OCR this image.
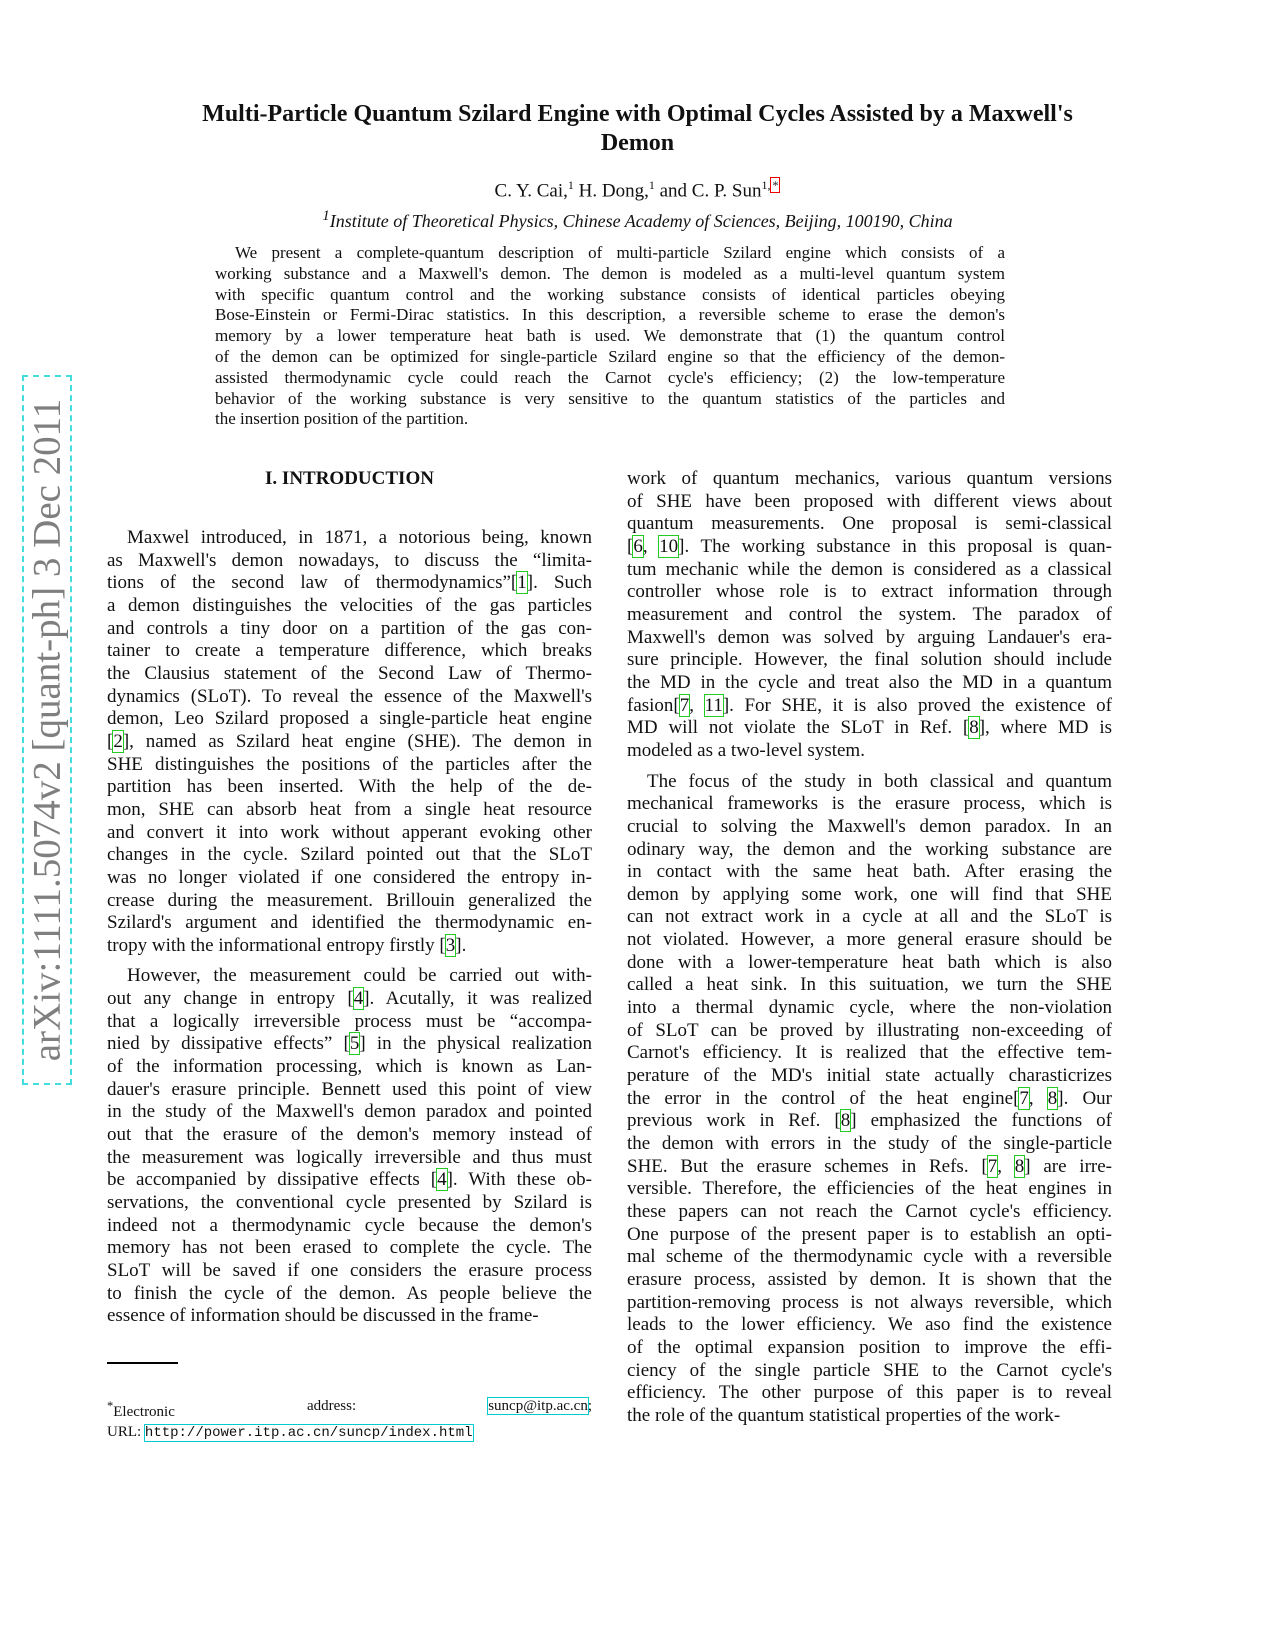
arXiv:1111.5074v2 [quant-ph] 3 Dec 2011
Multi-Particle Quantum Szilard Engine with Optimal Cycles Assisted by a Maxwell's
Demon
C. Y. Cai,$^1$ H. Dong,$^1$ and C. P. Sun$^{1,}$ *
$^1$Institute of Theoretical Physics, Chinese Academy of Sciences, Beijing, 100190, China
We present a complete-quantum description of multi-particle Szilard engine which consists of a
working substance and a Maxwell's demon. The demon is modeled as a multi-level quantum system
with specific quantum control and the working substance consists of identical particles obeying
Bose-Einstein or Fermi-Dirac statistics. In this description, a reversible scheme to erase the demon's
memory by a lower temperature heat bath is used. We demonstrate that (1) the quantum control
of the demon can be optimized for single-particle Szilard engine so that the efficiency of the demon-
assisted thermodynamic cycle could reach the Carnot cycle's efficiency; (2) the low-temperature
behavior of the working substance is very sensitive to the quantum statistics of the particles and
the insertion position of the partition.
I. INTRODUCTION
Maxwel introduced, in 1871, a notorious being, known
as Maxwell's demon nowadays, to discuss the “limita-
tions of the second law of thermodynamics”[1]. Such
a demon distinguishes the velocities of the gas particles
and controls a tiny door on a partition of the gas con-
tainer to create a temperature difference, which breaks
the Clausius statement of the Second Law of Thermo-
dynamics (SLoT). To reveal the essence of the Maxwell's
demon, Leo Szilard proposed a single-particle heat engine
[2], named as Szilard heat engine (SHE). The demon in
SHE distinguishes the positions of the particles after the
partition has been inserted. With the help of the de-
mon, SHE can absorb heat from a single heat resource
and convert it into work without apperant evoking other
changes in the cycle. Szilard pointed out that the SLoT
was no longer violated if one considered the entropy in-
crease during the measurement. Brillouin generalized the
Szilard's argument and identified the thermodynamic en-
tropy with the informational entropy firstly [3].
However, the measurement could be carried out with-
out any change in entropy [4]. Acutally, it was realized
that a logically irreversible process must be “accompa-
nied by dissipative effects” [5] in the physical realization
of the information processing, which is known as Lan-
dauer's erasure principle. Bennett used this point of view
in the study of the Maxwell's demon paradox and pointed
out that the erasure of the demon's memory instead of
the measurement was logically irreversible and thus must
be accompanied by dissipative effects [4]. With these ob-
servations, the conventional cycle presented by Szilard is
indeed not a thermodynamic cycle because the demon's
memory has not been erased to complete the cycle. The
SLoT will be saved if one considers the erasure process
to finish the cycle of the demon. As people believe the
essence of information should be discussed in the frame-
work of quantum mechanics, various quantum versions
of SHE have been proposed with different views about
quantum measurements. One proposal is semi-classical
[6, 10]. The working substance in this proposal is quan-
tum mechanic while the demon is considered as a classical
controller whose role is to extract information through
measurement and control the system. The paradox of
Maxwell's demon was solved by arguing Landauer's era-
sure principle. However, the final solution should include
the MD in the cycle and treat also the MD in a quantum
fasion[7, 11]. For SHE, it is also proved the existence of
MD will not violate the SLoT in Ref. [8], where MD is
modeled as a two-level system.
The focus of the study in both classical and quantum
mechanical frameworks is the erasure process, which is
crucial to solving the Maxwell's demon paradox. In an
odinary way, the demon and the working substance are
in contact with the same heat bath. After erasing the
demon by applying some work, one will find that SHE
can not extract work in a cycle at all and the SLoT is
not violated. However, a more general erasure should be
done with a lower-temperature heat bath which is also
called a heat sink. In this suituation, we turn the SHE
into a thermal dynamic cycle, where the non-violation
of SLoT can be proved by illustrating non-exceeding of
Carnot's efficiency. It is realized that the effective tem-
perature of the MD's initial state actually charasticrizes
the error in the control of the heat engine[7, 8]. Our
previous work in Ref. [8] emphasized the functions of
the demon with errors in the study of the single-particle
SHE. But the erasure schemes in Refs. [7, 8] are irre-
versible. Therefore, the efficiencies of the heat engines in
these papers can not reach the Carnot cycle's efficiency.
One purpose of the present paper is to establish an opti-
mal scheme of the thermodynamic cycle with a reversible
erasure process, assisted by demon. It is shown that the
partition-removing process is not always reversible, which
leads to the lower efficiency. We aso find the existence
of the optimal expansion position to improve the effi-
ciency of the single particle SHE to the Carnot cycle's
efficiency. The other purpose of this paper is to reveal
the role of the quantum statistical properties of the work-
*Electronic	address:	suncp@itp.ac.cn;
URL: http://power.itp.ac.cn/suncp/index.html
